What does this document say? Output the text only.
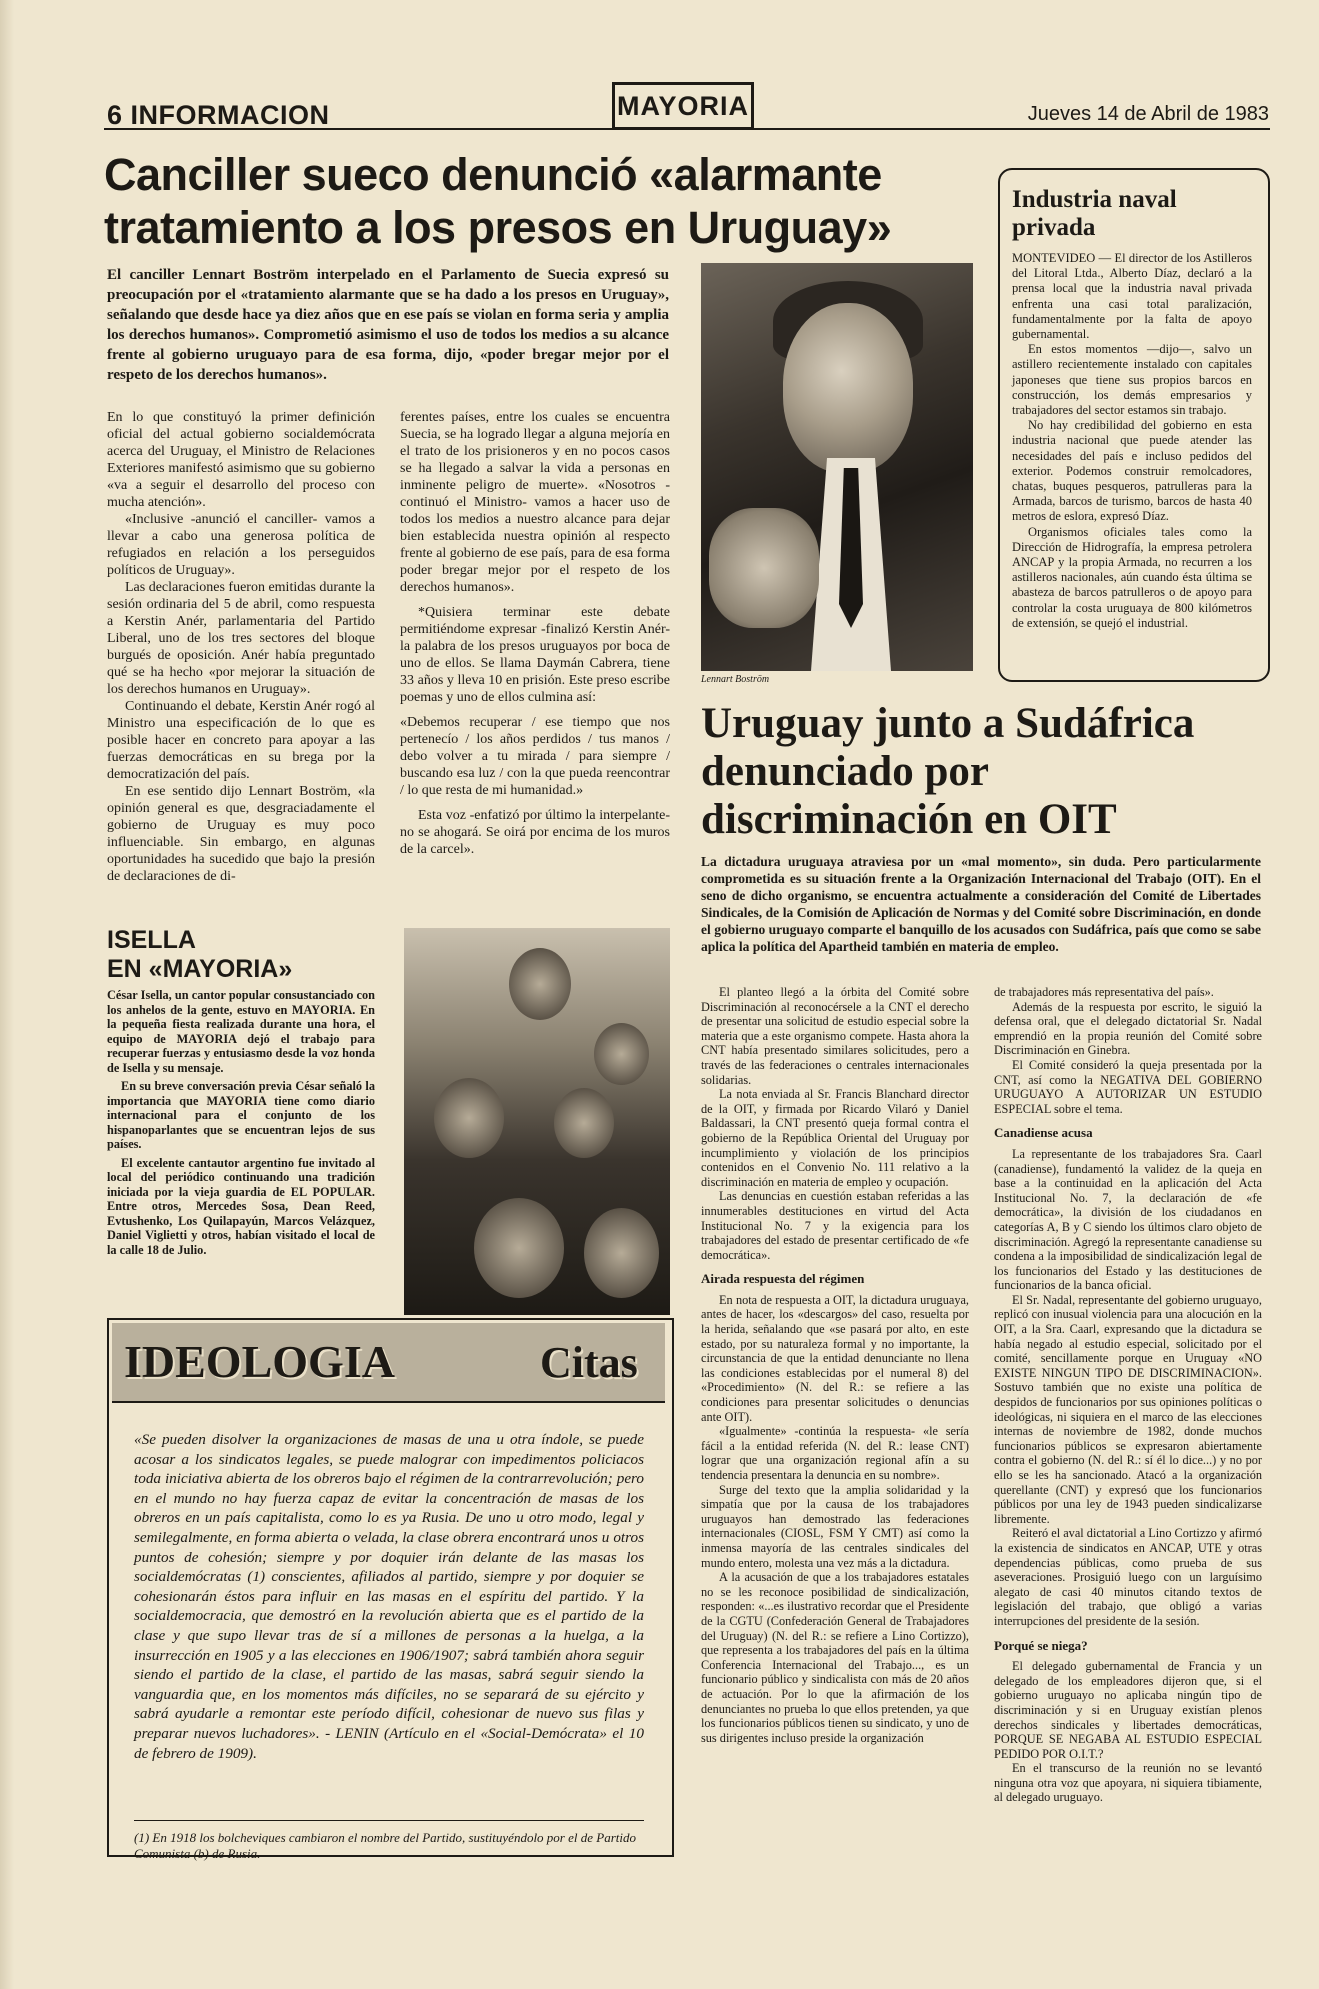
6 INFORMACION	MAYORIA	Jueves 14 de Abril de 1983
Canciller sueco denunció «alarmante tratamiento a los presos en Uruguay»
El canciller Lennart Boström interpelado en el Parlamento de Suecia expresó su preocupación por el «tratamiento alarmante que se ha dado a los presos en Uruguay», señalando que desde hace ya diez años que en ese país se violan en forma seria y amplia los derechos humanos». Comprometió asimismo el uso de todos los medios a su alcance frente al gobierno uruguayo para de esa forma, dijo, «poder bregar mejor por el respeto de los derechos humanos».

En lo que constituyó la primer definición oficial del actual gobierno socialdemócrata acerca del Uruguay, el Ministro de Relaciones Exteriores manifestó asimismo que su gobierno «va a seguir el desarrollo del proceso con mucha atención».

«Inclusive -anunció el canciller- vamos a llevar a cabo una generosa política de refugiados en relación a los perseguidos políticos de Uruguay».

Las declaraciones fueron emitidas durante la sesión ordinaria del 5 de abril, como respuesta a Kerstin Anér, parlamentaria del Partido Liberal, uno de los tres sectores del bloque burgués de oposición. Anér había preguntado qué se ha hecho «por mejorar la situación de los derechos humanos en Uruguay».

Continuando el debate, Kerstin Anér rogó al Ministro una especificación de lo que es posible hacer en concreto para apoyar a las fuerzas democráticas en su brega por la democratización del país.

En ese sentido dijo Lennart Boström, «la opinión general es que, desgraciadamente el gobierno de Uruguay es muy poco influenciable. Sin embargo, en algunas oportunidades ha sucedido que bajo la presión de declaraciones de di-

ferentes países, entre los cuales se encuentra Suecia, se ha logrado llegar a alguna mejoría en el trato de los prisioneros y en no pocos casos se ha llegado a salvar la vida a personas en inminente peligro de muerte». «Nosotros -continuó el Ministro- vamos a hacer uso de todos los medios a nuestro alcance para dejar bien establecida nuestra opinión al respecto frente al gobierno de ese país, para de esa forma poder bregar mejor por el respeto de los derechos humanos».

*Quisiera terminar este debate permitiéndome expresar -finalizó Kerstin Anér- la palabra de los presos uruguayos por boca de uno de ellos. Se llama Daymán Cabrera, tiene 33 años y lleva 10 en prisión. Este preso escribe poemas y uno de ellos culmina así:

«Debemos recuperar / ese tiempo que nos pertenecío / los años perdidos / tus manos / debo volver a tu mirada / para siempre / buscando esa luz / con la que pueda reencontrar / lo que resta de mi humanidad.»

Esta voz -enfatizó por último la interpelante- no se ahogará. Se oirá por encima de los muros de la carcel».

Lennart Boström
Industria naval privada

MONTEVIDEO — El director de los Astilleros del Litoral Ltda., Alberto Díaz, declaró a la prensa local que la industria naval privada enfrenta una casi total paralización, fundamentalmente por la falta de apoyo gubernamental.

En estos momentos —dijo—, salvo un astillero recientemente instalado con capitales japoneses que tiene sus propios barcos en construcción, los demás empresarios y trabajadores del sector estamos sin trabajo.

No hay credibilidad del gobierno en esta industria nacional que puede atender las necesidades del país e incluso pedidos del exterior. Podemos construir remolcadores, chatas, buques pesqueros, patrulleras para la Armada, barcos de turismo, barcos de hasta 40 metros de eslora, expresó Díaz.

Organismos oficiales tales como la Dirección de Hidrografía, la empresa petrolera ANCAP y la propia Armada, no recurren a los astilleros nacionales, aún cuando ésta última se abasteza de barcos patrulleros o de apoyo para controlar la costa uruguaya de 800 kilómetros de extensión, se quejó el industrial.

Uruguay junto a Sudáfrica denunciado por discriminación en OIT
La dictadura uruguaya atraviesa por un «mal momento», sin duda. Pero particularmente comprometida es su situación frente a la Organización Internacional del Trabajo (OIT). En el seno de dicho organismo, se encuentra actualmente a consideración del Comité de Libertades Sindicales, de la Comisión de Aplicación de Normas y del Comité sobre Discriminación, en donde el gobierno uruguayo comparte el banquillo de los acusados con Sudáfrica, país que como se sabe aplica la política del Apartheid también en materia de empleo.

El planteo llegó a la órbita del Comité sobre Discriminación al reconocérsele a la CNT el derecho de presentar una solicitud de estudio especial sobre la materia que a este organismo compete. Hasta ahora la CNT había presentado similares solicitudes, pero a través de las federaciones o centrales internacionales solidarias.

La nota enviada al Sr. Francis Blanchard director de la OIT, y firmada por Ricardo Vilaró y Daniel Baldassari, la CNT presentó queja formal contra el gobierno de la República Oriental del Uruguay por incumplimiento y violación de los principios contenidos en el Convenio No. 111 relativo a la discriminación en materia de empleo y ocupación.

Las denuncias en cuestión estaban referidas a las innumerables destituciones en virtud del Acta Institucional No. 7 y la exigencia para los trabajadores del estado de presentar certificado de «fe democrática».

Airada respuesta del régimen

En nota de respuesta a OIT, la dictadura uruguaya, antes de hacer, los «descargos» del caso, resuelta por la herida, señalando que «se pasará por alto, en este estado, por su naturaleza formal y no importante, la circunstancia de que la entidad denunciante no llena las condiciones establecidas por el numeral 8) del «Procedimiento» (N. del R.: se refiere a las condiciones para presentar solicitudes o denuncias ante OIT).

«Igualmente» -continúa la respuesta- «le sería fácil a la entidad referida (N. del R.: lease CNT) lograr que una organización regional afín a su tendencia presentara la denuncia en su nombre».

Surge del texto que la amplia solidaridad y la simpatía que por la causa de los trabajadores uruguayos han demostrado las federaciones internacionales (CIOSL, FSM Y CMT) así como la inmensa mayoría de las centrales sindicales del mundo entero, molesta una vez más a la dictadura.

A la acusación de que a los trabajadores estatales no se les reconoce posibilidad de sindicalización, responden: «...es ilustrativo recordar que el Presidente de la CGTU (Confederación General de Trabajadores del Uruguay) (N. del R.: se refiere a Lino Cortizzo), que representa a los trabajadores del país en la última Conferencia Internacional del Trabajo..., es un funcionario público y sindicalista con más de 20 años de actuación. Por lo que la afirmación de los denunciantes no prueba lo que ellos pretenden, ya que los funcionarios públicos tienen su sindicato, y uno de sus dirigentes incluso preside la organización

de trabajadores más representativa del país».

Además de la respuesta por escrito, le siguió la defensa oral, que el delegado dictatorial Sr. Nadal emprendió en la propia reunión del Comité sobre Discriminación en Ginebra.

El Comité consideró la queja presentada por la CNT, así como la NEGATIVA DEL GOBIERNO URUGUAYO A AUTORIZAR UN ESTUDIO ESPECIAL sobre el tema.

Canadiense acusa

La representante de los trabajadores Sra. Caarl (canadiense), fundamentó la validez de la queja en base a la continuidad en la aplicación del Acta Institucional No. 7, la declaración de «fe democrática», la división de los ciudadanos en categorías A, B y C siendo los últimos claro objeto de discriminación. Agregó la representante canadiense su condena a la imposibilidad de sindicalización legal de los funcionarios del Estado y las destituciones de funcionarios de la banca oficial.

El Sr. Nadal, representante del gobierno uruguayo, replicó con inusual violencia para una alocución en la OIT, a la Sra. Caarl, expresando que la dictadura se había negado al estudio especial, solicitado por el comité, sencillamente porque en Uruguay «NO EXISTE NINGUN TIPO DE DISCRIMINACION». Sostuvo también que no existe una política de despidos de funcionarios por sus opiniones políticas o ideológicas, ni siquiera en el marco de las elecciones internas de noviembre de 1982, donde muchos funcionarios públicos se expresaron abiertamente contra el gobierno (N. del R.: sí él lo dice...) y no por ello se les ha sancionado. Atacó a la organización querellante (CNT) y expresó que los funcionarios públicos por una ley de 1943 pueden sindicalizarse libremente.

Reiteró el aval dictatorial a Lino Cortizzo y afirmó la existencia de sindicatos en ANCAP, UTE y otras dependencias públicas, como prueba de sus aseveraciones. Prosiguió luego con un larguísimo alegato de casi 40 minutos citando textos de legislación del trabajo, que obligó a varias interrupciones del presidente de la sesión.

Porqué se niega?

El delegado gubernamental de Francia y un delegado de los empleadores dijeron que, si el gobierno uruguayo no aplicaba ningún tipo de discriminación y si en Uruguay existían plenos derechos sindicales y libertades democráticas, PORQUE SE NEGABA AL ESTUDIO ESPECIAL PEDIDO POR O.I.T.?

En el transcurso de la reunión no se levantó ninguna otra voz que apoyara, ni siquiera tibiamente, al delegado uruguayo.

ISELLA
EN «MAYORIA»

César Isella, un cantor popular consustanciado con los anhelos de la gente, estuvo en MAYORIA. En la pequeña fiesta realizada durante una hora, el equipo de MAYORIA dejó el trabajo para recuperar fuerzas y entusiasmo desde la voz honda de Isella y su mensaje.

En su breve conversación previa César señaló la importancia que MAYORIA tiene como diario internacional para el conjunto de los hispanoparlantes que se encuentran lejos de sus países.

El excelente cantautor argentino fue invitado al local del periódico continuando una tradición iniciada por la vieja guardia de EL POPULAR. Entre otros, Mercedes Sosa, Dean Reed, Evtushenko, Los Quilapayún, Marcos Velázquez, Daniel Viglietti y otros, habían visitado el local de la calle 18 de Julio.

IDEOLOGIA	Citas
«Se pueden disolver la organizaciones de masas de una u otra índole, se puede acosar a los sindicatos legales, se puede malograr con impedimentos policiacos toda iniciativa abierta de los obreros bajo el régimen de la contrarrevolución; pero en el mundo no hay fuerza capaz de evitar la concentración de masas de los obreros en un país capitalista, como lo es ya Rusia. De uno u otro modo, legal y semilegalmente, en forma abierta o velada, la clase obrera encontrará unos u otros puntos de cohesión; siempre y por doquier irán delante de las masas los socialdemócratas (1) conscientes, afiliados al partido, siempre y por doquier se cohesionarán éstos para influir en las masas en el espíritu del partido. Y la socialdemocracia, que demostró en la revolución abierta que es el partido de la clase y que supo llevar tras de sí a millones de personas a la huelga, a la insurrección en 1905 y a las elecciones en 1906/1907; sabrá también ahora seguir siendo el partido de la clase, el partido de las masas, sabrá seguir siendo la vanguardia que, en los momentos más difíciles, no se separará de su ejército y sabrá ayudarle a remontar este período difícil, cohesionar de nuevo sus filas y preparar nuevos luchadores». - LENIN (Artículo en el «Social-Demócrata» el 10 de febrero de 1909).
(1) En 1918 los bolcheviques cambiaron el nombre del Partido, sustituyéndolo por el de Partido Comunista (b) de Rusia.
